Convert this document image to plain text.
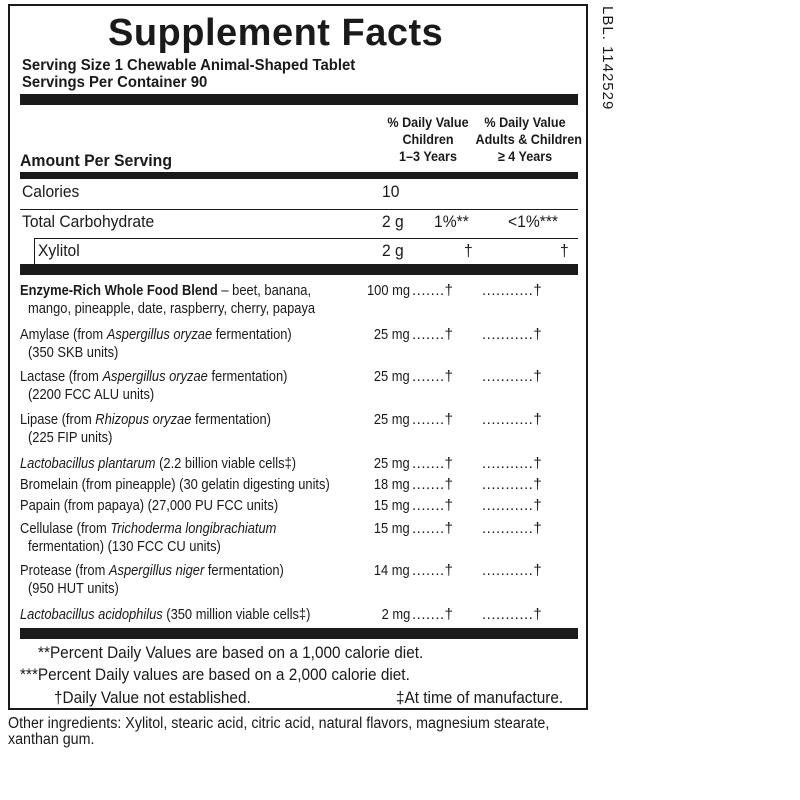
Supplement Facts
Serving Size 1 Chewable Animal-Shaped Tablet
Servings Per Container 90
% Daily Value
Children
1–3 Years
% Daily Value
Adults & Children
≥ 4 Years
Amount Per Serving
Calories	10
Total Carbohydrate	2 g 1%** <1%***
Xylitol	2 g	†	†
Enzyme-Rich Whole Food Blend – beet, banana,
mango, pineapple, date, raspberry, cherry, papaya
100 mg .......† ...........†
Amylase (from Aspergillus oryzae fermentation)
(350 SKB units)
25 mg .......† ...........†
Lactase (from Aspergillus oryzae fermentation)
(2200 FCC ALU units)
25 mg .......† ...........†
Lipase (from Rhizopus oryzae fermentation)
(225 FIP units)
25 mg .......† ...........†
Lactobacillus plantarum (2.2 billion viable cells‡)	25 mg .......† ...........†
Bromelain (from pineapple) (30 gelatin digesting units)	18 mg .......† ...........†
Papain (from papaya) (27,000 PU FCC units)	15 mg .......† ...........†
Cellulase (from Trichoderma longibrachiatum
fermentation) (130 FCC CU units)
15 mg .......† ...........†
Protease (from Aspergillus niger fermentation)
(950 HUT units)
14 mg .......† ...........†
Lactobacillus acidophilus (350 million viable cells‡)	2 mg .......† ...........†
**Percent Daily Values are based on a 1,000 calorie diet.
***Percent Daily values are based on a 2,000 calorie diet.
†Daily Value not established.	‡At time of manufacture.
LBL. 1142529
Other ingredients: Xylitol, stearic acid, citric acid, natural flavors, magnesium stearate, xanthan gum.
